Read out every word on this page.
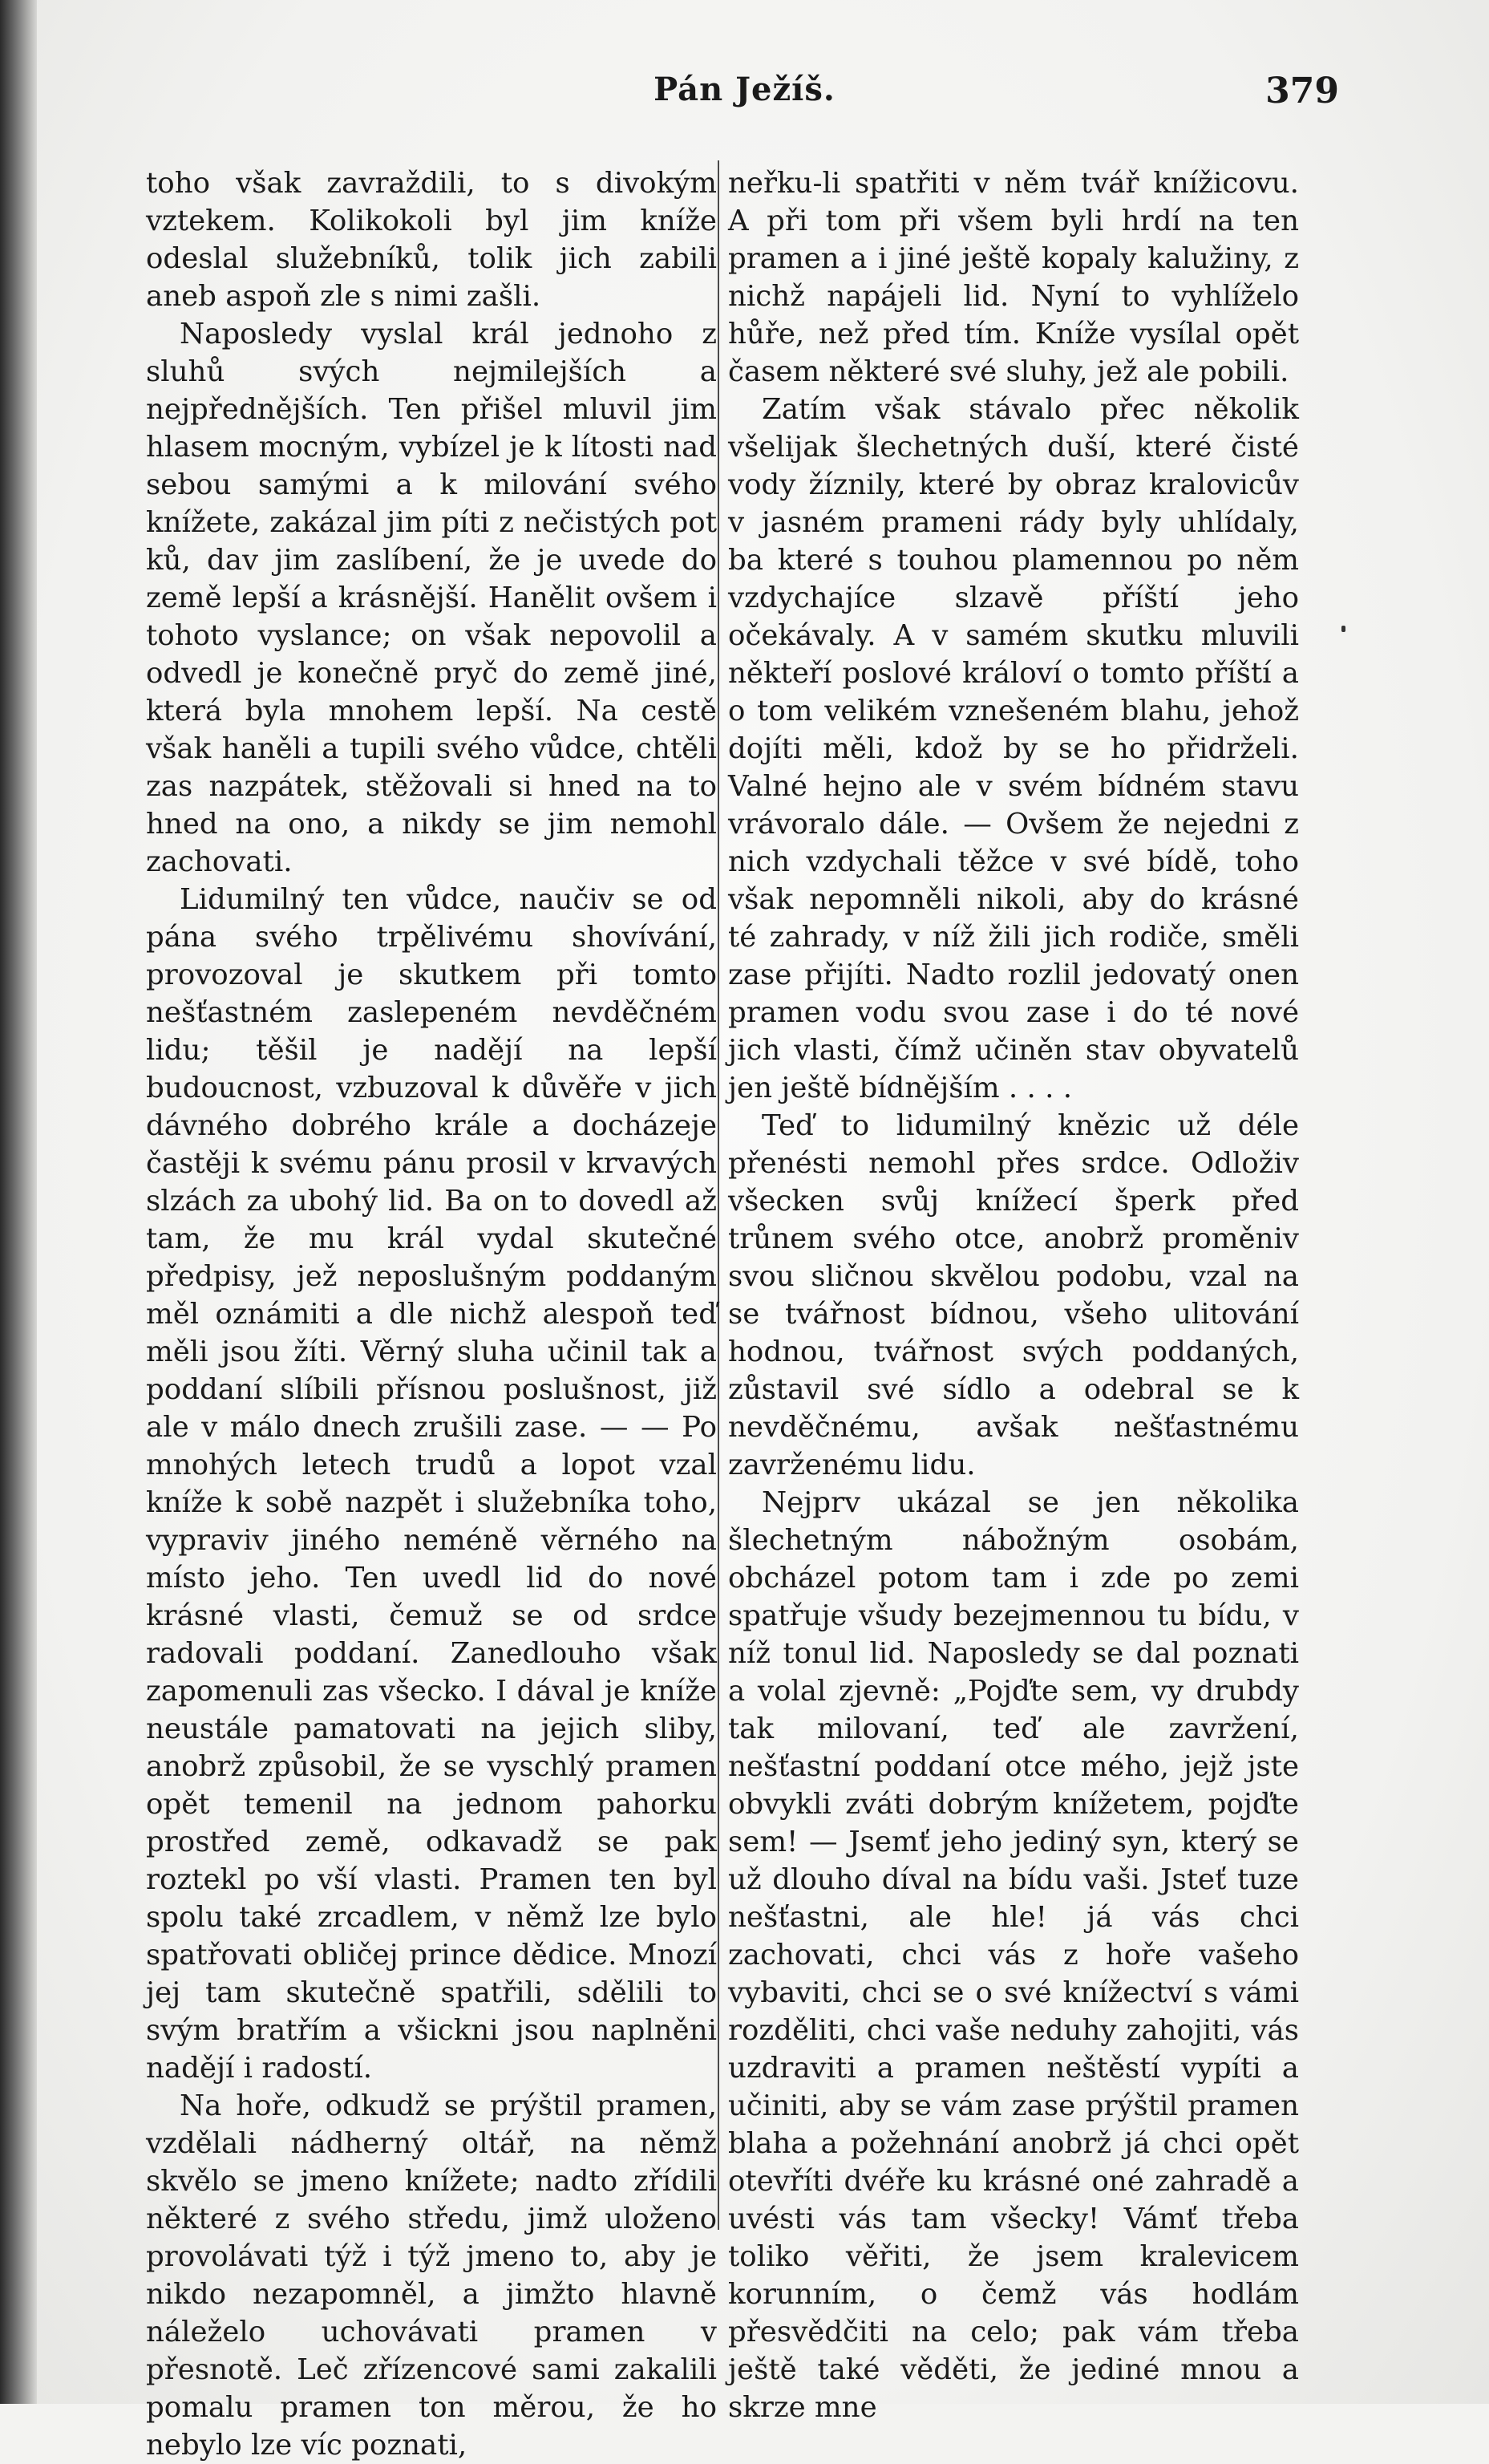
Pán Ježíš.	379

toho však zavraždili, to s divokým vztekem. Kolikokoli byl jim kníže odeslal služebníků, tolik jich zabili aneb aspoň zle s nimi zašli.

Naposledy vyslal král jednoho z sluhů svých nejmilejších a nejpřednějších. Ten přišel mluvil jim hlasem mocným, vybízel je k lítosti nad sebou samými a k milování svého knížete, zakázal jim píti z nečistých pot ků, dav jim zaslíbení, že je uvede do země lepší a krásnější. Hanělit ovšem i tohoto vyslance; on však nepovolil a odvedl je konečně pryč do země jiné, která byla mnohem lepší. Na cestě však haněli a tupili svého vůdce, chtěli zas nazpátek, stěžovali si hned na to hned na ono, a nikdy se jim nemohl zachovati.

Lidumilný ten vůdce, naučiv se od pána svého trpělivému shovívání, provozoval je skutkem při tomto nešťastném zaslepeném nevděčném lidu; těšil je nadějí na lepší budoucnost, vzbuzoval k důvěře v jich dávného dobrého krále a docházeje častěji k svému pánu prosil v krvavých slzách za ubohý lid. Ba on to dovedl až tam, že mu král vydal skutečné předpisy, jež neposlušným poddaným měl oznámiti a dle nichž alespoň teď měli jsou žíti. Věrný sluha učinil tak a poddaní slíbili přísnou poslušnost, již ale v málo dnech zrušili zase. — — Po mnohých letech trudů a lopot vzal kníže k sobě nazpět i služebníka toho, vypraviv jiného neméně věrného na místo jeho. Ten uvedl lid do nové krásné vlasti, čemuž se od srdce radovali poddaní. Zanedlouho však zapomenuli zas všecko. I dával je kníže neustále pamatovati na jejich sliby, anobrž způsobil, že se vyschlý pramen opět temenil na jednom pahorku prostřed země, odkavadž se pak roztekl po vší vlasti. Pramen ten byl spolu také zrcadlem, v němž lze bylo spatřovati obličej prince dědice. Mnozí jej tam skutečně spatřili, sdělili to svým bratřím a všickni jsou naplněni nadějí i radostí.

Na hoře, odkudž se prýštil pramen, vzdělali nádherný oltář, na němž skvělo se jmeno knížete; nadto zřídili některé z svého středu, jimž uloženo provolávati týž i týž jmeno to, aby je nikdo nezapomněl, a jimžto hlavně náleželo uchovávati pramen v přesnotě. Leč zřízencové sami zakalili pomalu pramen ton měrou, že ho nebylo lze víc poznati,

neřku-li spatřiti v něm tvář knížicovu. A při tom při všem byli hrdí na ten pramen a i jiné ještě kopaly kalužiny, z nichž napájeli lid. Nyní to vyhlíželo hůře, než před tím. Kníže vysílal opět časem některé své sluhy, jež ale pobili.

Zatím však stávalo přec několik všelijak šlechetných duší, které čisté vody žíznily, které by obraz kralovicův v jasném prameni rády byly uhlídaly, ba které s touhou plamennou po něm vzdychajíce slzavě příští jeho očekávaly. A v samém skutku mluvili někteří poslové královí o tomto příští a o tom velikém vznešeném blahu, jehož dojíti měli, kdož by se ho přidrželi. Valné hejno ale v svém bídném stavu vrávoralo dále. — Ovšem že nejedni z nich vzdychali těžce v své bídě, toho však nepomněli nikoli, aby do krásné té zahrady, v níž žili jich rodiče, směli zase přijíti. Nadto rozlil jedovatý onen pramen vodu svou zase i do té nové jich vlasti, čímž učiněn stav obyvatelů jen ještě bídnějším . . . .

Teď to lidumilný knězic už déle přenésti nemohl přes srdce. Odloživ všecken svůj knížecí šperk před trůnem svého otce, anobrž proměniv svou sličnou skvělou podobu, vzal na se tvářnost bídnou, všeho ulitování hodnou, tvářnost svých poddaných, zůstavil své sídlo a odebral se k nevděčnému, avšak nešťastnému zavrženému lidu.

Nejprv ukázal se jen několika šlechetným nábožným osobám, obcházel potom tam i zde po zemi spatřuje všudy bezejmennou tu bídu, v níž tonul lid. Naposledy se dal poznati a volal zjevně: „Pojďte sem, vy drubdy tak milovaní, teď ale zavržení, nešťastní poddaní otce mého, jejž jste obvykli zváti dobrým knížetem, pojďte sem! — Jsemť jeho jediný syn, který se už dlouho díval na bídu vaši. Jsteť tuze nešťastni, ale hle! já vás chci zachovati, chci vás z hoře vašeho vybaviti, chci se o své knížectví s vámi rozděliti, chci vaše neduhy zahojiti, vás uzdraviti a pramen neštěstí vypíti a učiniti, aby se vám zase prýštil pramen blaha a požehnání anobrž já chci opět otevříti dvéře ku krásné oné zahradě a uvésti vás tam všecky! Vámť třeba toliko věřiti, že jsem kralevicem korunním, o čemž vás hodlám přesvědčiti na celo; pak vám třeba ještě také věděti, že jediné mnou a skrze mne
